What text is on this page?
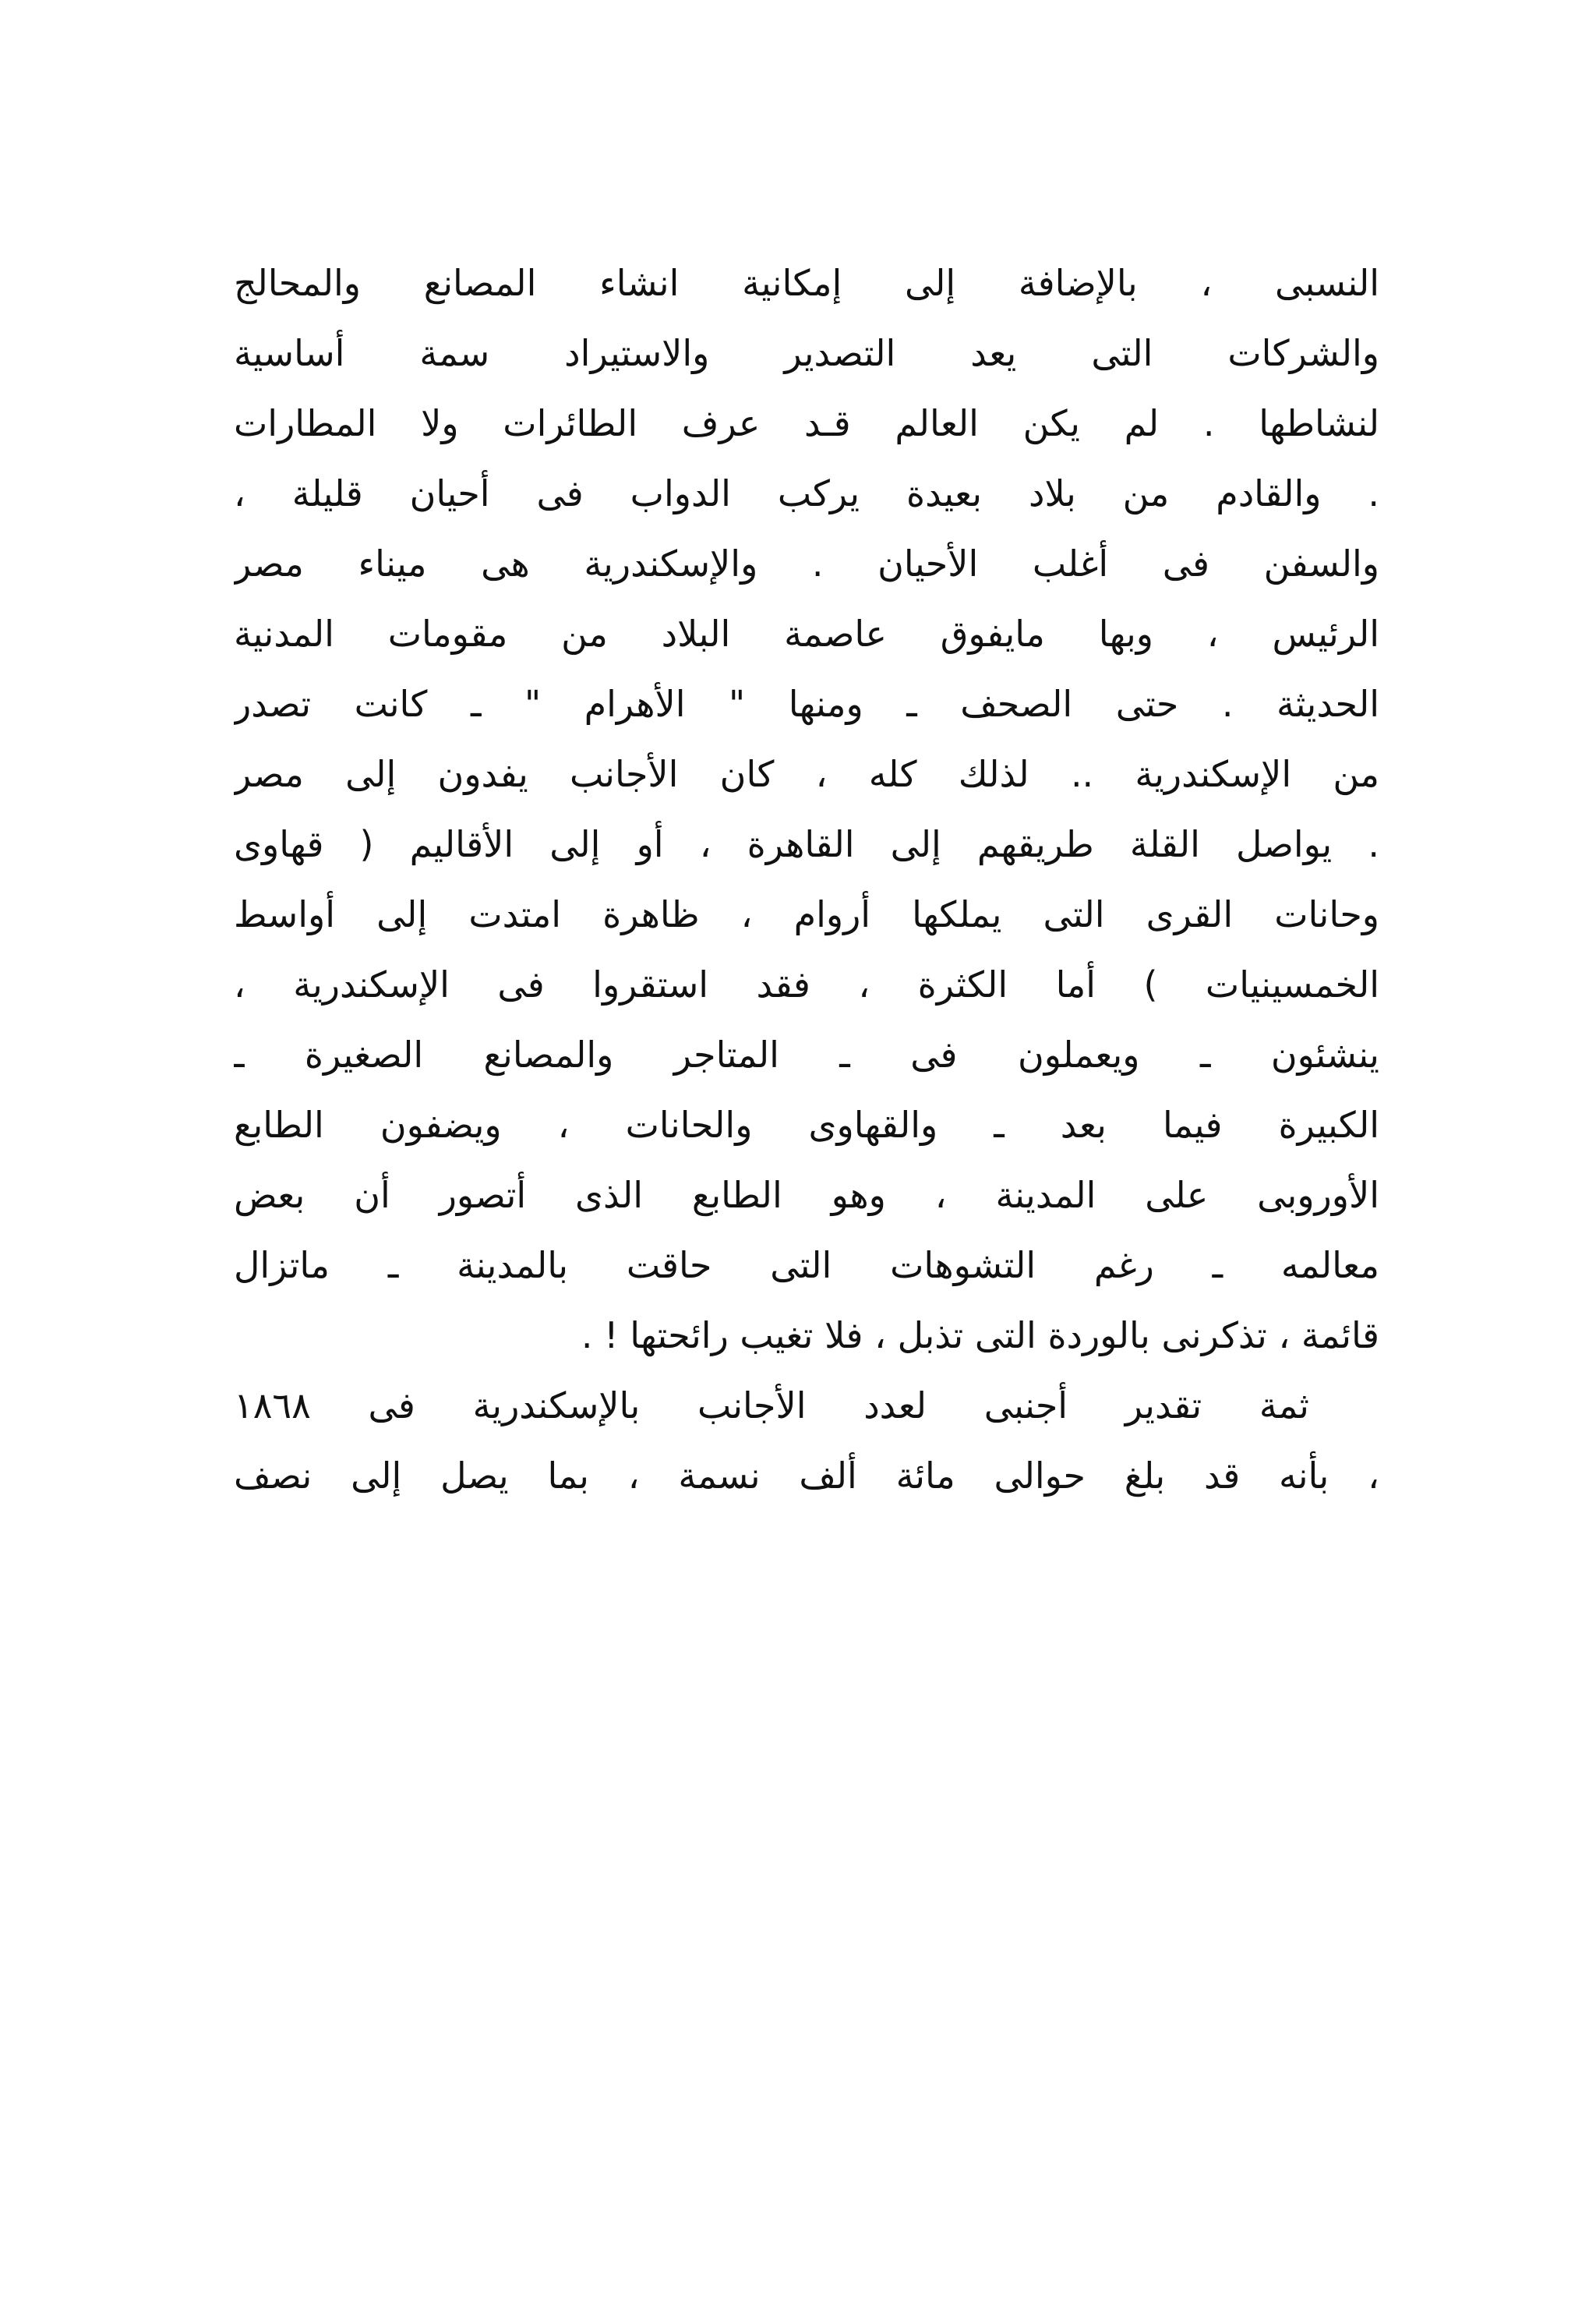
النسبى ، بالإضافة إلى إمكانية انشاء المصانع والمحالج
والشركات التى يعد التصدير والاستيراد سمة أساسية
لنشاطها . لم يكن العالم قـد عرف الطائرات ولا المطارات
. والقادم من بلاد بعيدة يركب الدواب فى أحيان قليلة ،
والسفن فى أغلب الأحيان . والإسكندرية هى ميناء مصر
الرئيس ، وبها مايفوق عاصمة البلاد من مقومات المدنية
الحديثة . حتى الصحف ـ ومنها " الأهرام " ـ كانت تصدر
من الإسكندرية .. لذلك كله ، كان الأجانب يفدون إلى مصر
. يواصل القلة طريقهم إلى القاهرة ، أو إلى الأقاليم ( قهاوى
وحانات القرى التى يملكها أروام ، ظاهرة امتدت إلى أواسط
الخمسينيات ) أما الكثرة ، فقد استقروا فى الإسكندرية ،
ينشئون ـ ويعملون فى ـ المتاجر والمصانع الصغيرة ـ
الكبيرة فيما بعد ـ والقهاوى والحانات ، ويضفون الطابع
الأوروبى على المدينة ، وهو الطابع الذى أتصور أن بعض
معالمه ـ رغم التشوهات التى حاقت بالمدينة ـ ماتزال
قائمة ، تذكرنى بالوردة التى تذبل ، فلا تغيب رائحتها ! .
ثمة تقدير أجنبى لعدد الأجانب بالإسكندرية فى ١٨٦٨
، بأنه قد بلغ حوالى مائة ألف نسمة ، بما يصل إلى نصف
